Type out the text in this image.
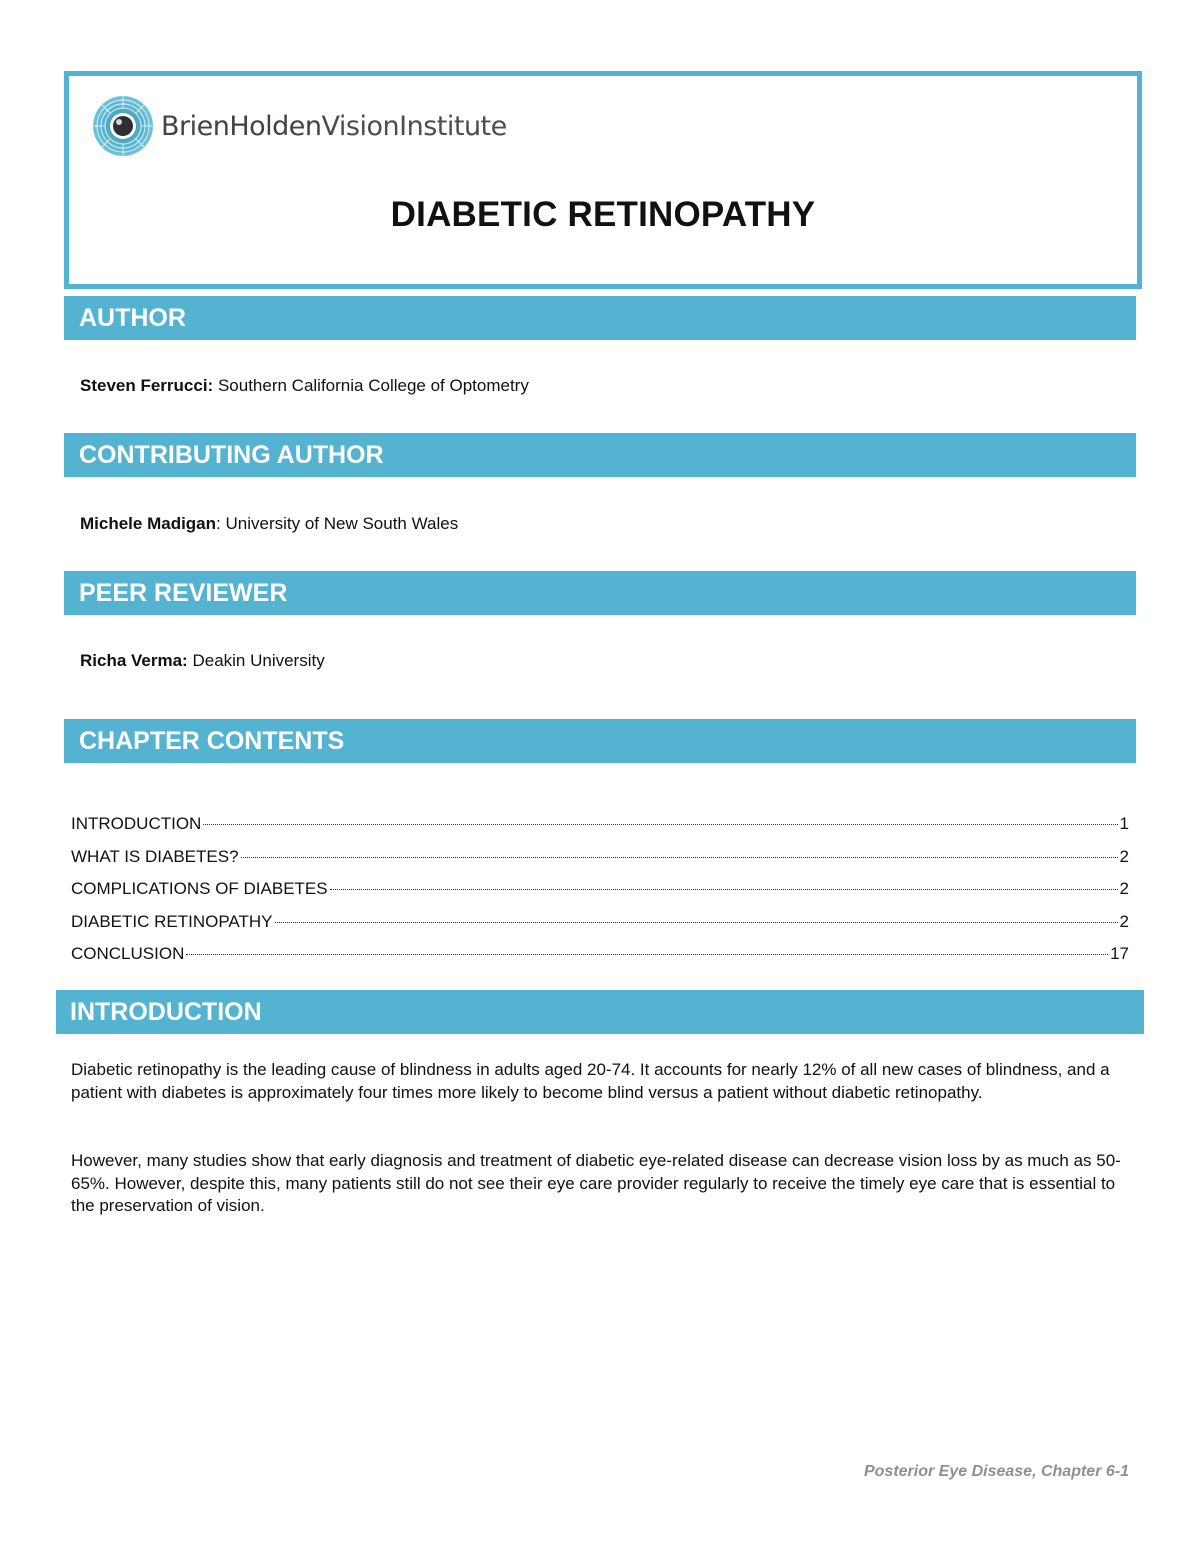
BrienHoldenVisionInstitute
DIABETIC RETINOPATHY
AUTHOR
Steven Ferrucci: Southern California College of Optometry
CONTRIBUTING AUTHOR
Michele Madigan: University of New South Wales
PEER REVIEWER
Richa Verma: Deakin University
CHAPTER CONTENTS
INTRODUCTION	1
WHAT IS DIABETES?	2
COMPLICATIONS OF DIABETES	2
DIABETIC RETINOPATHY	2
CONCLUSION	17
INTRODUCTION

Diabetic retinopathy is the leading cause of blindness in adults aged 20-74. It accounts for nearly 12% of all new cases of blindness, and a patient with diabetes is approximately four times more likely to become blind versus a patient without diabetic retinopathy.

However, many studies show that early diagnosis and treatment of diabetic eye-related disease can decrease vision loss by as much as 50-65%. However, despite this, many patients still do not see their eye care provider regularly to receive the timely eye care that is essential to the preservation of vision.

Posterior Eye Disease, Chapter 6-1
